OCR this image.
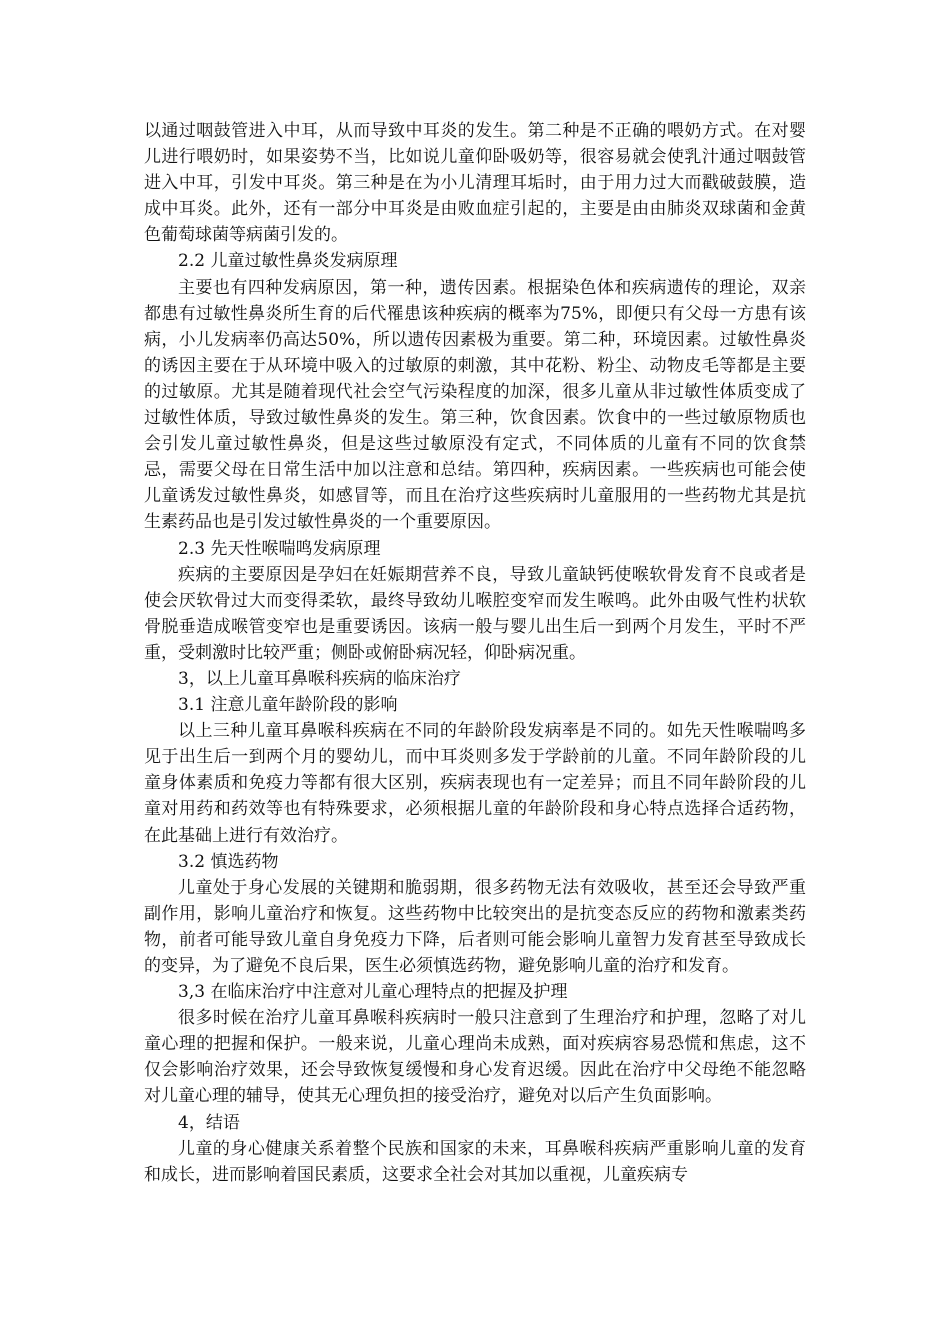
以通过咽鼓管进入中耳，从而导致中耳炎的发生。第二种是不正确的喂奶方式。在对婴儿进行喂奶时，如果姿势不当，比如说儿童仰卧吸奶等，很容易就会使乳汁通过咽鼓管进入中耳，引发中耳炎。第三种是在为小儿清理耳垢时，由于用力过大而戳破鼓膜，造成中耳炎。此外，还有一部分中耳炎是由败血症引起的，主要是由由肺炎双球菌和金黄色葡萄球菌等病菌引发的。

2.2 儿童过敏性鼻炎发病原理

主要也有四种发病原因，第一种，遗传因素。根据染色体和疾病遗传的理论，双亲都患有过敏性鼻炎所生育的后代罹患该种疾病的概率为75%，即便只有父母一方患有该病，小儿发病率仍高达50%，所以遗传因素极为重要。第二种，环境因素。过敏性鼻炎的诱因主要在于从环境中吸入的过敏原的刺激，其中花粉、粉尘、动物皮毛等都是主要的过敏原。尤其是随着现代社会空气污染程度的加深，很多儿童从非过敏性体质变成了过敏性体质，导致过敏性鼻炎的发生。第三种，饮食因素。饮食中的一些过敏原物质也会引发儿童过敏性鼻炎，但是这些过敏原没有定式，不同体质的儿童有不同的饮食禁忌，需要父母在日常生活中加以注意和总结。第四种，疾病因素。一些疾病也可能会使儿童诱发过敏性鼻炎，如感冒等，而且在治疗这些疾病时儿童服用的一些药物尤其是抗生素药品也是引发过敏性鼻炎的一个重要原因。

2.3 先天性喉喘鸣发病原理

疾病的主要原因是孕妇在妊娠期营养不良，导致儿童缺钙使喉软骨发育不良或者是使会厌软骨过大而变得柔软，最终导致幼儿喉腔变窄而发生喉鸣。此外由吸气性杓状软骨脱垂造成喉管变窄也是重要诱因。该病一般与婴儿出生后一到两个月发生，平时不严重，受刺激时比较严重；侧卧或俯卧病况轻，仰卧病况重。

3，以上儿童耳鼻喉科疾病的临床治疗

3.1 注意儿童年龄阶段的影响

以上三种儿童耳鼻喉科疾病在不同的年龄阶段发病率是不同的。如先天性喉喘鸣多见于出生后一到两个月的婴幼儿，而中耳炎则多发于学龄前的儿童。不同年龄阶段的儿童身体素质和免疫力等都有很大区别，疾病表现也有一定差异；而且不同年龄阶段的儿童对用药和药效等也有特殊要求，必须根据儿童的年龄阶段和身心特点选择合适药物，在此基础上进行有效治疗。

3.2 慎选药物

儿童处于身心发展的关键期和脆弱期，很多药物无法有效吸收，甚至还会导致严重副作用，影响儿童治疗和恢复。这些药物中比较突出的是抗变态反应的药物和激素类药物，前者可能导致儿童自身免疫力下降，后者则可能会影响儿童智力发育甚至导致成长的变异，为了避免不良后果，医生必须慎选药物，避免影响儿童的治疗和发育。

3,3 在临床治疗中注意对儿童心理特点的把握及护理

很多时候在治疗儿童耳鼻喉科疾病时一般只注意到了生理治疗和护理，忽略了对儿童心理的把握和保护。一般来说，儿童心理尚未成熟，面对疾病容易恐慌和焦虑，这不仅会影响治疗效果，还会导致恢复缓慢和身心发育迟缓。因此在治疗中父母绝不能忽略对儿童心理的辅导，使其无心理负担的接受治疗，避免对以后产生负面影响。

4，结语

儿童的身心健康关系着整个民族和国家的未来，耳鼻喉科疾病严重影响儿童的发育和成长，进而影响着国民素质，这要求全社会对其加以重视，儿童疾病专
